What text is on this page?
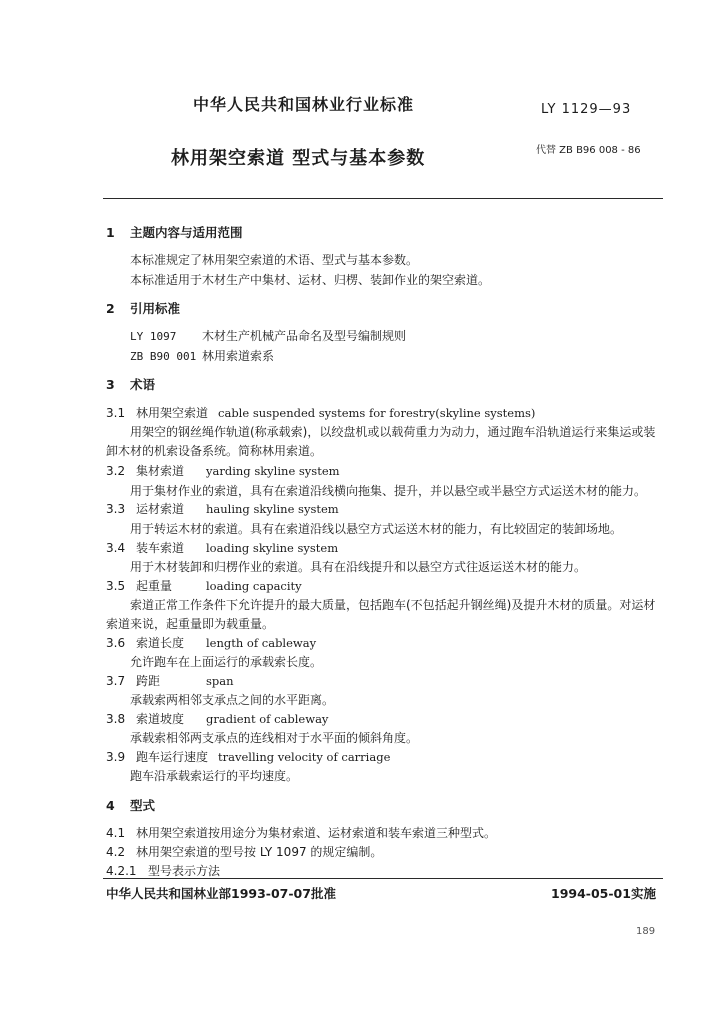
中华人民共和国林业行业标准	LY 1129—93
林用架空索道 型式与基本参数	代替 ZB B96 008 - 86
1 主题内容与适用范围
本标准规定了林用架空索道的术语、型式与基本参数。
本标准适用于木材生产中集材、运材、归楞、装卸作业的架空索道。
2 引用标准
LY 1097 木材生产机械产品命名及型号编制规则
ZB B90 001 林用索道索系
3 术语
3.1 林用架空索道 cable suspended systems for forestry(skyline systems)
用架空的钢丝绳作轨道(称承载索)，以绞盘机或以载荷重力为动力，通过跑车沿轨道运行来集运或装卸木材的机索设备系统。简称林用索道。
3.2 集材索道 yarding skyline system
用于集材作业的索道，具有在索道沿线横向拖集、提升，并以悬空或半悬空方式运送木材的能力。
3.3 运材索道 hauling skyline system
用于转运木材的索道。具有在索道沿线以悬空方式运送木材的能力，有比较固定的装卸场地。
3.4 装车索道 loading skyline system
用于木材装卸和归楞作业的索道。具有在沿线提升和以悬空方式往返运送木材的能力。
3.5 起重量	loading capacity
索道正常工作条件下允许提升的最大质量，包括跑车(不包括起升钢丝绳)及提升木材的质量。对运材索道来说，起重量即为载重量。
3.6 索道长度 length of cableway
允许跑车在上面运行的承载索长度。
3.7 跨距	span
承载索两相邻支承点之间的水平距离。
3.8 索道坡度 gradient of cableway
承载索相邻两支承点的连线相对于水平面的倾斜角度。
3.9 跑车运行速度 travelling velocity of carriage
跑车沿承载索运行的平均速度。
4 型式
4.1 林用架空索道按用途分为集材索道、运材索道和装车索道三种型式。
4.2 林用架空索道的型号按 LY 1097 的规定编制。
4.2.1 型号表示方法
中华人民共和国林业部1993-07-07批准	1994-05-01实施
189
